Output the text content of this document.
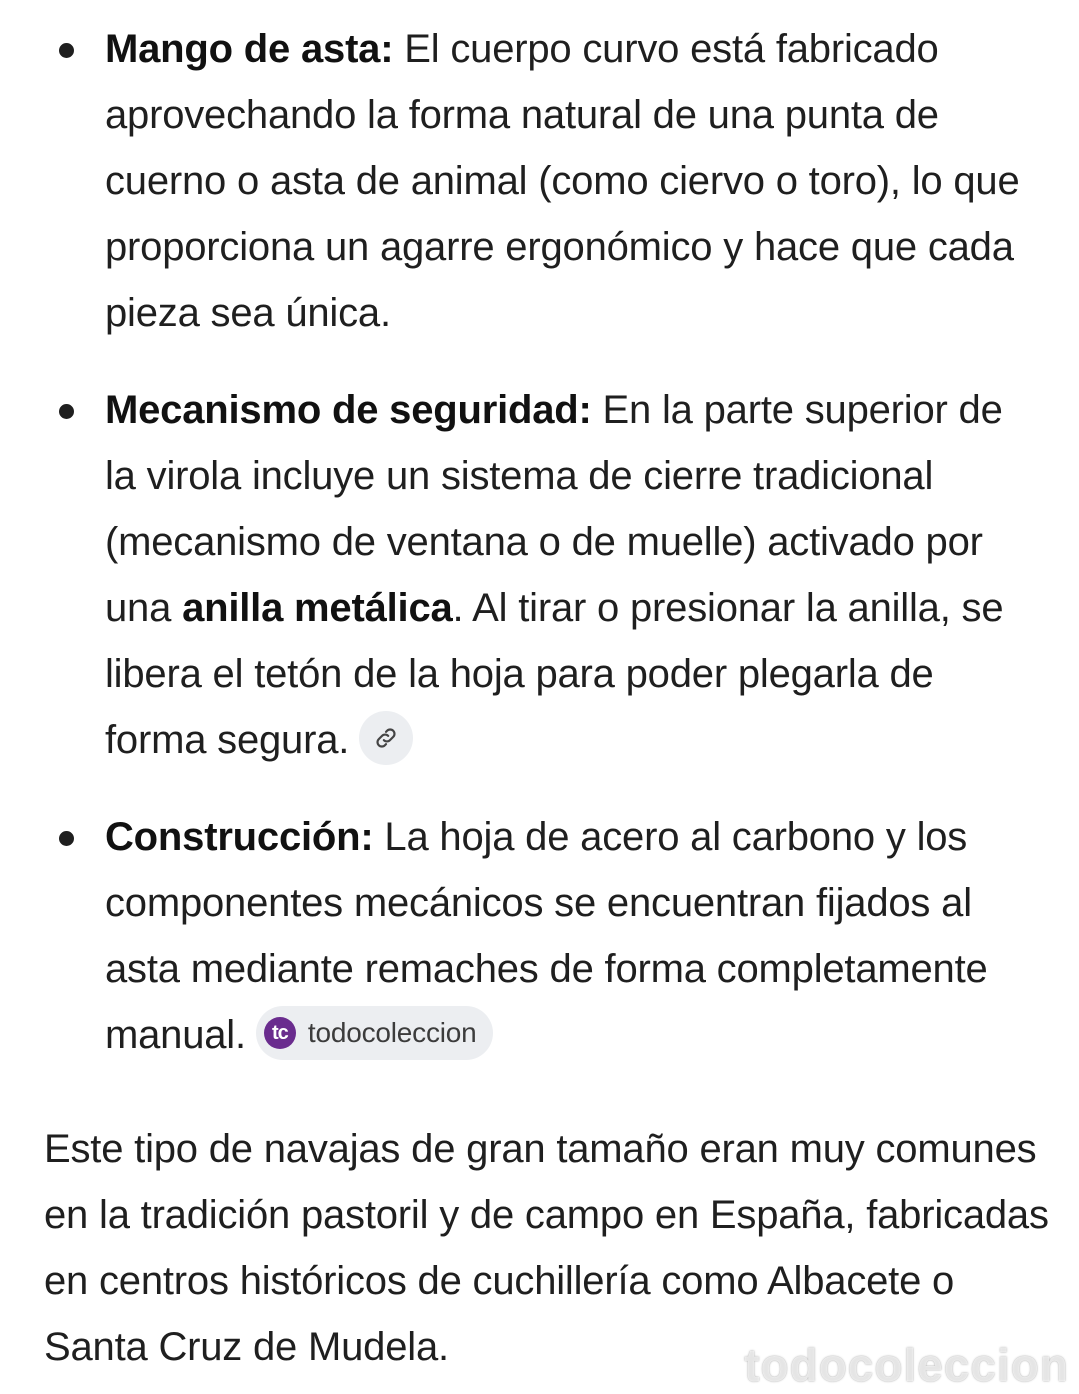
Mango de asta: El cuerpo curvo está fabricado aprovechando la forma natural de una punta de cuerno o asta de animal (como ciervo o toro), lo que proporciona un agarre ergonómico y hace que cada pieza sea única.
Mecanismo de seguridad: En la parte superior de la virola incluye un sistema de cierre tradicional (mecanismo de ventana o de muelle) activado por una anilla metálica. Al tirar o presionar la anilla, se libera el tetón de la hoja para poder plegarla de forma segura.
Construcción: La hoja de acero al carbono y los componentes mecánicos se encuentran fijados al asta mediante remaches de forma completamente manual.	tc todocoleccion

Este tipo de navajas de gran tamaño eran muy comunes en la tradición pastoril y de campo en España, fabricadas en centros históricos de cuchillería como Albacete o Santa Cruz de Mudela.	todocoleccion
